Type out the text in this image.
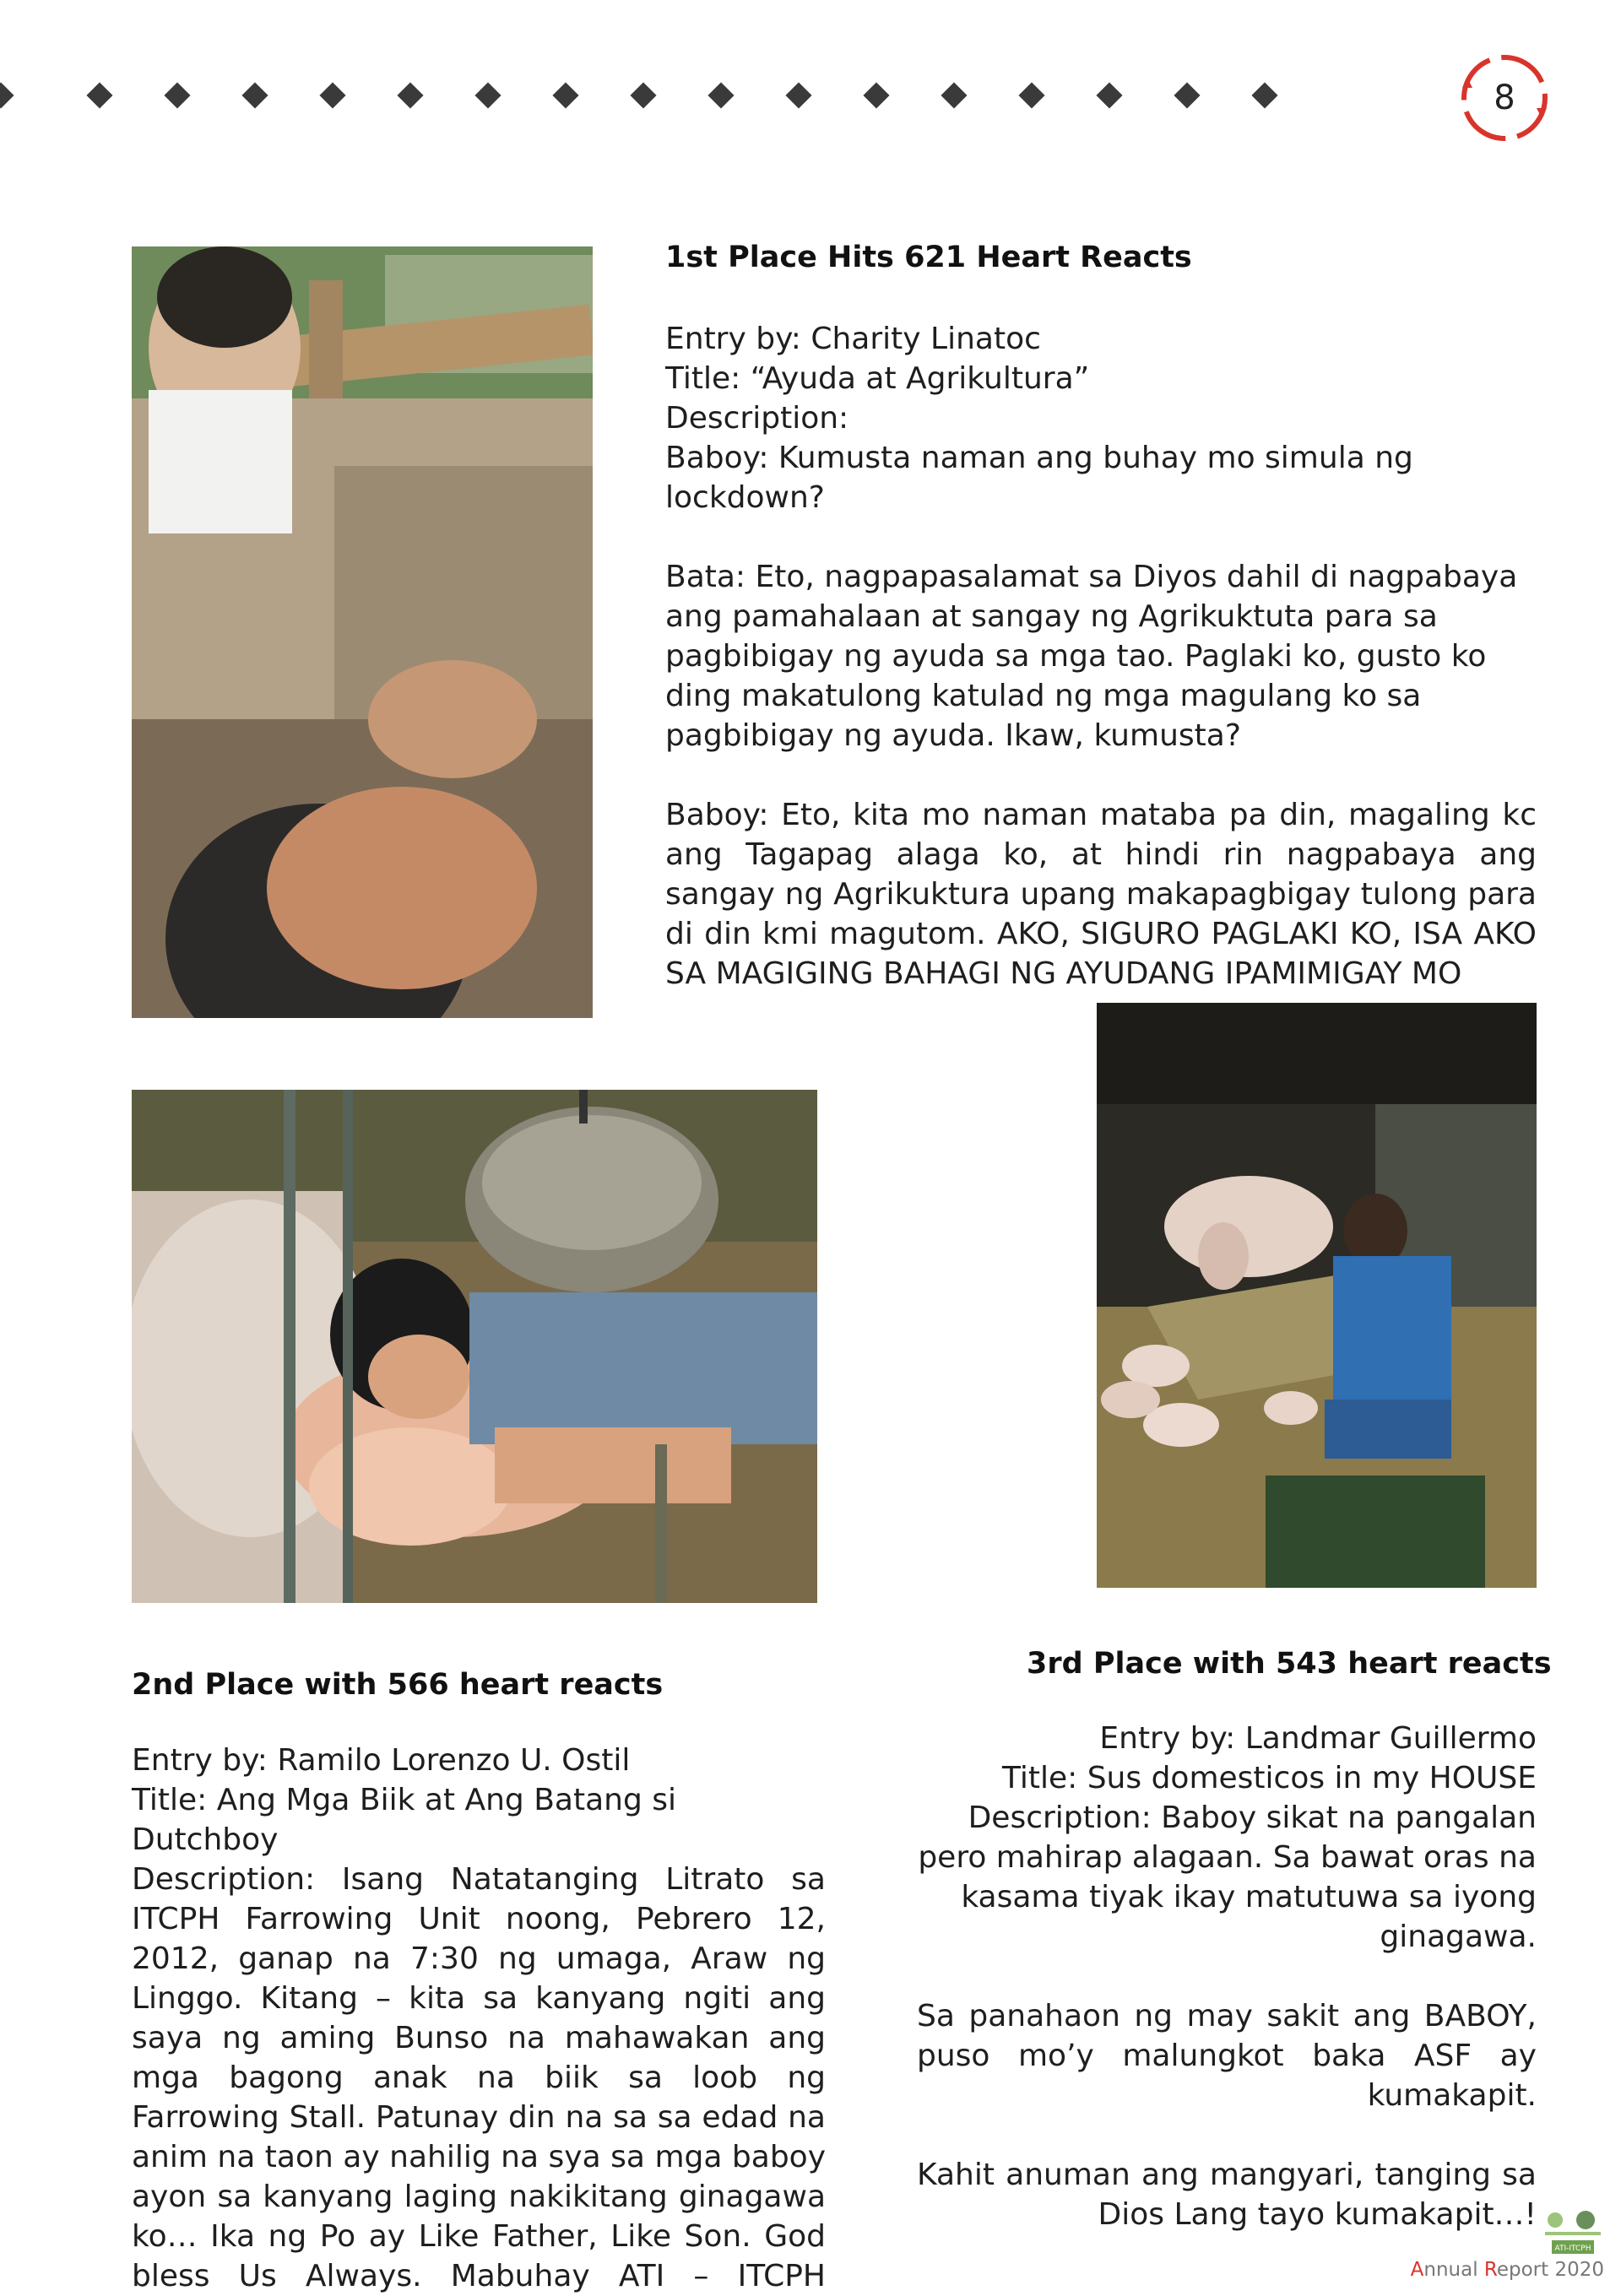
8
1st Place Hits 621 Heart Reacts

Entry by: Charity Linatoc

Title: “Ayuda at Agrikultura”

Description:

Baboy: Kumusta naman ang buhay mo simula ng lockdown?

Bata: Eto, nagpapasalamat sa Diyos dahil di nagpabaya ang pamahalaan at sangay ng Agrikuktuta para sa pagbibigay ng ayuda sa mga tao. Paglaki ko, gusto ko ding makatulong katulad ng mga magulang ko sa pagbibigay ng ayuda. Ikaw, kumusta?

Baboy: Eto, kita mo naman mataba pa din, magaling kc ang Tagapag alaga ko, at hindi rin nagpabaya ang sangay ng Agrikuktura upang makapagbigay tulong para di din kmi magutom. AKO, SIGURO PAGLAKI KO, ISA AKO SA MAGIGING BAHAGI NG AYUDANG IPAMIMIGAY MO

3rd Place with 543 heart reacts

Entry by: Landmar Guillermo

Title: Sus domesticos in my HOUSE

Description: Baboy sikat na pangalan pero mahirap alagaan. Sa bawat oras na kasama tiyak ikay matutuwa sa iyong ginagawa.

Sa panahaon ng may sakit ang BABOY, puso mo’y malungkot baka ASF ay kumakapit.

Kahit anuman ang mangyari, tanging sa Dios Lang tayo kumakapit…!

2nd Place with 566 heart reacts

Entry by: Ramilo Lorenzo U. Ostil

Title: Ang Mga Biik at Ang Batang si Dutchboy

Description: Isang Natatanging Litrato sa ITCPH Farrowing Unit noong, Pebrero 12, 2012, ganap na 7:30 ng umaga, Araw ng Linggo. Kitang – kita sa kanyang ngiti ang saya ng aming Bunso na mahawakan ang mga bagong anak na biik sa loob ng Farrowing Stall. Patunay din na sa sa edad na anim na taon ay nahilig na sya sa mga baboy ayon sa kanyang laging nakikitang ginagawa ko… Ika ng Po ay Like Father, Like Son. God bless Us Always. Mabuhay ATI – ITCPH

ATI-ITCPH
Annual Report 2020
